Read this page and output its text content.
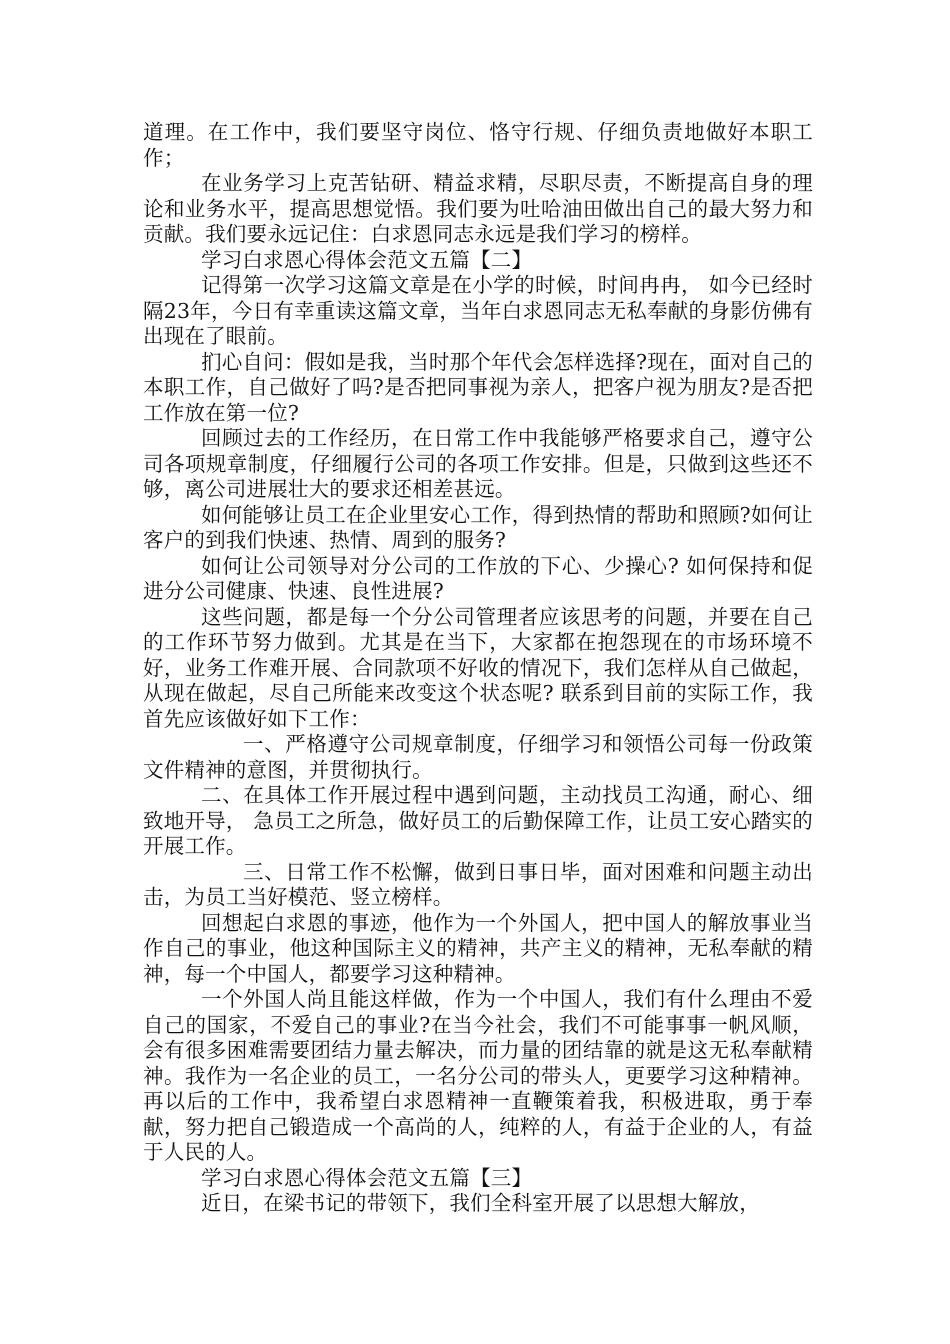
道理。在工作中，我们要坚守岗位、恪守行规、仔细负责地做好本职工作；

在业务学习上克苦钻研、精益求精，尽职尽责，不断提高自身的理论和业务水平，提高思想觉悟。我们要为吐哈油田做出自己的最大努力和贡献。我们要永远记住：白求恩同志永远是我们学习的榜样。

学习白求恩心得体会范文五篇【二】

记得第一次学习这篇文章是在小学的时候，时间冉冉， 如今已经时隔23年，今日有幸重读这篇文章，当年白求恩同志无私奉献的身影仿佛有出现在了眼前。

扪心自问：假如是我，当时那个年代会怎样选择?现在，面对自己的本职工作，自己做好了吗?是否把同事视为亲人，把客户视为朋友?是否把工作放在第一位?

回顾过去的工作经历，在日常工作中我能够严格要求自己，遵守公司各项规章制度，仔细履行公司的各项工作安排。但是，只做到这些还不够，离公司进展壮大的要求还相差甚远。

如何能够让员工在企业里安心工作，得到热情的帮助和照顾?如何让客户的到我们快速、热情、周到的服务?

如何让公司领导对分公司的工作放的下心、少操心? 如何保持和促进分公司健康、快速、良性进展?

这些问题，都是每一个分公司管理者应该思考的问题，并要在自己的工作环节努力做到。尤其是在当下，大家都在抱怨现在的市场环境不好，业务工作难开展、合同款项不好收的情况下，我们怎样从自己做起，从现在做起，尽自己所能来改变这个状态呢? 联系到目前的实际工作，我首先应该做好如下工作：

一、严格遵守公司规章制度，仔细学习和领悟公司每一份政策文件精神的意图，并贯彻执行。

二、在具体工作开展过程中遇到问题，主动找员工沟通，耐心、细致地开导， 急员工之所急，做好员工的后勤保障工作，让员工安心踏实的开展工作。

三、日常工作不松懈，做到日事日毕，面对困难和问题主动出击，为员工当好模范、竖立榜样。

回想起白求恩的事迹，他作为一个外国人，把中国人的解放事业当作自己的事业，他这种国际主义的精神，共产主义的精神，无私奉献的精神，每一个中国人，都要学习这种精神。

一个外国人尚且能这样做，作为一个中国人，我们有什么理由不爱自己的国家，不爱自己的事业?在当今社会，我们不可能事事一帆风顺，会有很多困难需要团结力量去解决，而力量的团结靠的就是这无私奉献精神。我作为一名企业的员工，一名分公司的带头人，更要学习这种精神。再以后的工作中，我希望白求恩精神一直鞭策着我，积极进取，勇于奉献，努力把自己锻造成一个高尚的人，纯粹的人，有益于企业的人，有益于人民的人。

学习白求恩心得体会范文五篇【三】

近日，在梁书记的带领下，我们全科室开展了以思想大解放，
